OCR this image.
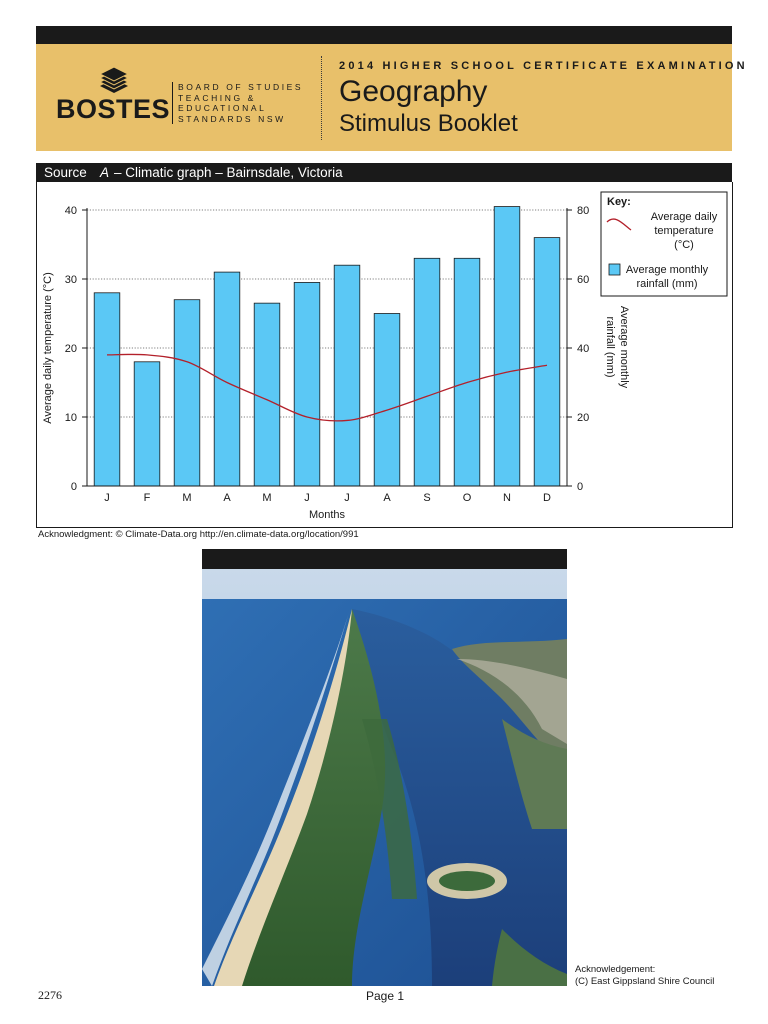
BOSTES
BOARD OF STUDIES
TEACHING &
EDUCATIONAL
STANDARDS NSW
2014 HIGHER SCHOOL CERTIFICATE EXAMINATION
Geography
Stimulus Booklet
Source A – Climatic graph – Bairnsdale, Victoria
0
10
20
30
40
0
20
40
60
80
J	F	M	A	M	J	J	A	S	O	N	D
Months
Average daily temperature (°C)	Average monthly
rainfall (mm)
Key:
Average daily
temperature
(°C)
Average monthly
rainfall (mm)
Acknowledgment: © Climate-Data.org http://en.climate-data.org/location/991
Acknowledgement:
(C) East Gippsland Shire Council
2276	Page 1
